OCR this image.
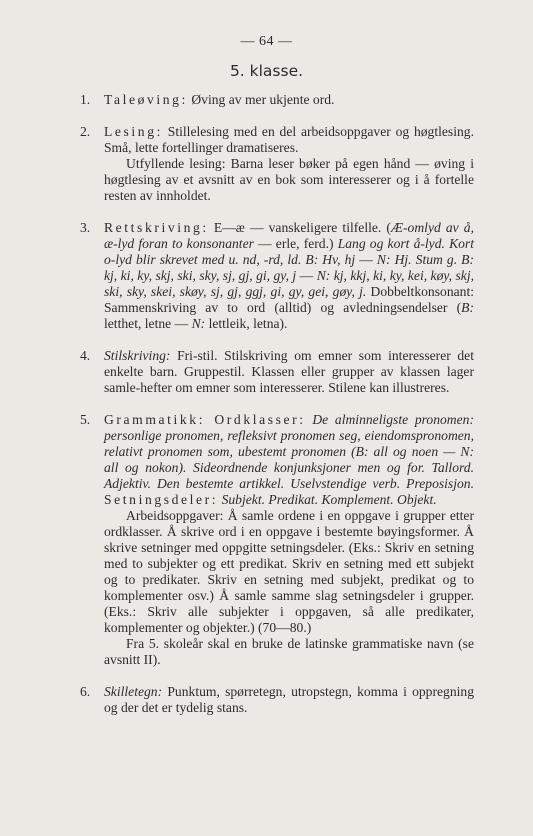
— 64 —
5. klasse.
1. Taleøving: Øving av mer ukjente ord.

2. Lesing: Stillelesing med en del arbeidsoppgaver og høgtlesing. Små, lette fortellinger dramatiseres.

Utfyllende lesing: Barna leser bøker på egen hånd — øving i høgtlesing av et avsnitt av en bok som interesserer og i å fortelle resten av innholdet.

3. Rettskriving: E—æ — vanskeligere tilfelle. (Æ-omlyd av å, æ-lyd foran to konsonanter — erle, ferd.) Lang og kort å-lyd. Kort o-lyd blir skrevet med u. nd, -rd, ld. B: Hv, hj — N: Hj. Stum g. B: kj, ki, ky, skj, ski, sky, sj, gj, gi, gy, j — N: kj, kkj, ki, ky, kei, køy, skj, ski, sky, skei, skøy, sj, gj, ggj, gi, gy, gei, gøy, j. Dobbeltkonsonant: Sammenskriving av to ord (alltid) og avledningsendelser (B: letthet, letne — N: lettleik, letna).

4. Stilskriving: Fri-stil. Stilskriving om emner som interesserer det enkelte barn. Gruppestil. Klassen eller grupper av klassen lager samle-hefter om emner som interesserer. Stilene kan illustreres.

5. Grammatikk: Ordklasser: De alminneligste pronomen: personlige pronomen, refleksivt pronomen seg, eiendomspronomen, relativt pronomen som, ubestemt pronomen (B: all og noen — N: all og nokon). Sideordnende konjunksjoner men og for. Tallord. Adjektiv. Den bestemte artikkel. Uselvstendige verb. Preposisjon. Setningsdeler: Subjekt. Predikat. Komplement. Objekt.

Arbeidsoppgaver: Å samle ordene i en oppgave i grupper etter ordklasser. Å skrive ord i en oppgave i bestemte bøyingsformer. Å skrive setninger med oppgitte setningsdeler. (Eks.: Skriv en setning med to subjekter og ett predikat. Skriv en setning med ett subjekt og to predikater. Skriv en setning med subjekt, predikat og to komplementer osv.) Å samle samme slag setningsdeler i grupper. (Eks.: Skriv alle subjekter i oppgaven, så alle predikater, komplementer og objekter.) (70—80.)

Fra 5. skoleår skal en bruke de latinske grammatiske navn (se avsnitt II).

6. Skilletegn: Punktum, spørretegn, utropstegn, komma i oppregning og der det er tydelig stans.
